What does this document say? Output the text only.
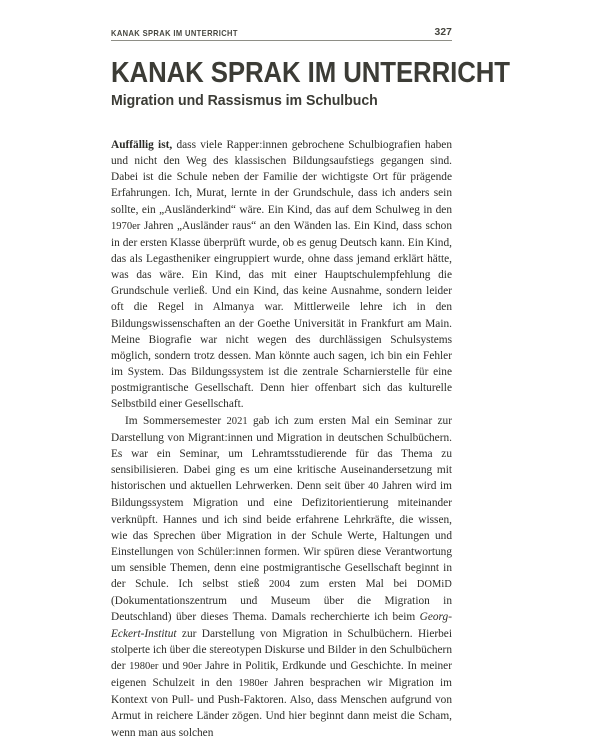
KANAK SPRAK IM UNTERRICHT	327
KANAK SPRAK IM UNTERRICHT
Migration und Rassismus im Schulbuch

Auffällig ist, dass viele Rapper:innen gebrochene Schulbiografien haben und nicht den Weg des klassischen Bildungsaufstiegs gegangen sind. Dabei ist die Schule neben der Familie der wichtigste Ort für prägende Erfahrungen. Ich, Murat, lernte in der Grundschule, dass ich anders sein sollte, ein „Ausländerkind“ wäre. Ein Kind, das auf dem Schulweg in den 1970er Jahren „Ausländer raus“ an den Wänden las. Ein Kind, dass schon in der ersten Klasse überprüft wurde, ob es genug Deutsch kann. Ein Kind, das als Legastheniker eingruppiert wurde, ohne dass jemand erklärt hätte, was das wäre. Ein Kind, das mit einer Hauptschulempfehlung die Grundschule verließ. Und ein Kind, das keine Ausnahme, sondern leider oft die Regel in Almanya war. Mittlerweile lehre ich in den Bildungswissenschaften an der Goethe Universität in Frankfurt am Main. Meine Biografie war nicht wegen des durchlässigen Schulsystems möglich, sondern trotz dessen. Man könnte auch sagen, ich bin ein Fehler im System. Das Bildungssystem ist die zentrale Scharnierstelle für eine postmigrantische Gesellschaft. Denn hier offenbart sich das kulturelle Selbstbild einer Gesellschaft.

Im Sommersemester 2021 gab ich zum ersten Mal ein Seminar zur Darstellung von Migrant:innen und Migration in deutschen Schulbüchern. Es war ein Seminar, um Lehramtsstudierende für das Thema zu sensibilisieren. Dabei ging es um eine kritische Auseinandersetzung mit historischen und aktuellen Lehrwerken. Denn seit über 40 Jahren wird im Bildungssystem Migration und eine Defizitorientierung miteinander verknüpft. Hannes und ich sind beide erfahrene Lehrkräfte, die wissen, wie das Sprechen über Migration in der Schule Werte, Haltungen und Einstellungen von Schüler:innen formen. Wir spüren diese Verantwortung um sensible Themen, denn eine postmigrantische Gesellschaft beginnt in der Schule. Ich selbst stieß 2004 zum ersten Mal bei DOMiD (Dokumentationszentrum und Museum über die Migration in Deutschland) über dieses Thema. Damals recherchierte ich beim Georg-Eckert-Institut zur Darstellung von Migration in Schulbüchern. Hierbei stolperte ich über die stereotypen Diskurse und Bilder in den Schulbüchern der 1980er und 90er Jahre in Politik, Erdkunde und Geschichte. In meiner eigenen Schulzeit in den 1980er Jahren besprachen wir Migration im Kontext von Pull- und Push-Faktoren. Also, dass Menschen aufgrund von Armut in reichere Länder zögen. Und hier beginnt dann meist die Scham, wenn man aus solchen
